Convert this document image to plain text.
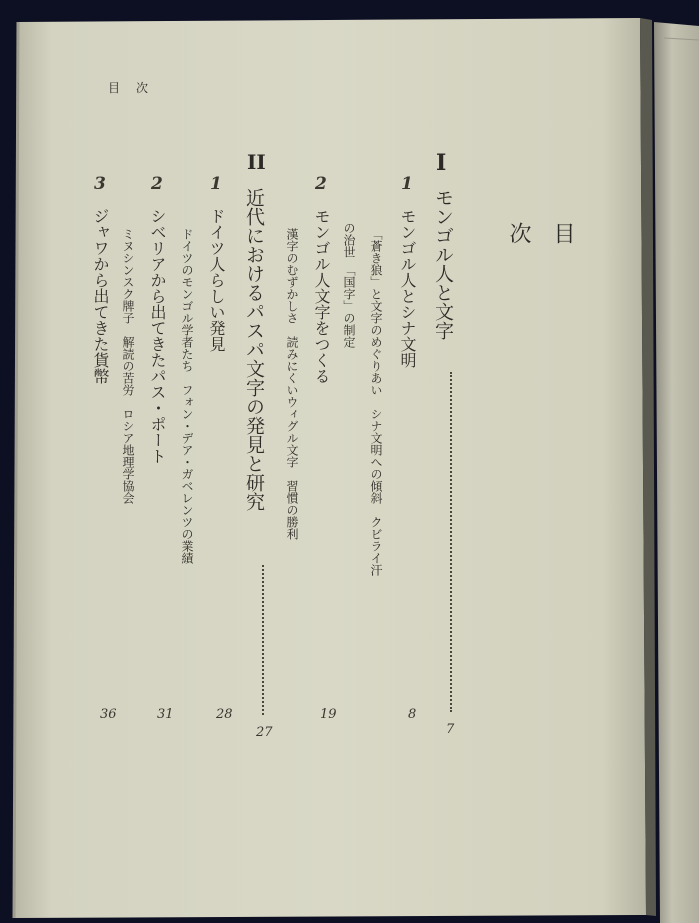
目　次
目

次
I
モンゴル人と文字
7
1
モンゴル人とシナ文明
「蒼き狼」と文字のめぐりあい　シナ文明への傾斜　クビライ汗
の治世　「国字」の制定
8
2
モンゴル人文字をつくる
漢字のむずかしさ　読みにくいウィグル文字　習慣の勝利
19
II
近代におけるパスパ文字の発見と研究
27
1
ドイツ人らしい発見
ドイツのモンゴル学者たち　フォン・デア・ガベレンツの業績
28
2
シベリアから出てきたパス・ポート
ミヌシンスク牌子　解読の苦労　ロシア地理学協会
31
3
ジャワから出てきた貨幣
36
